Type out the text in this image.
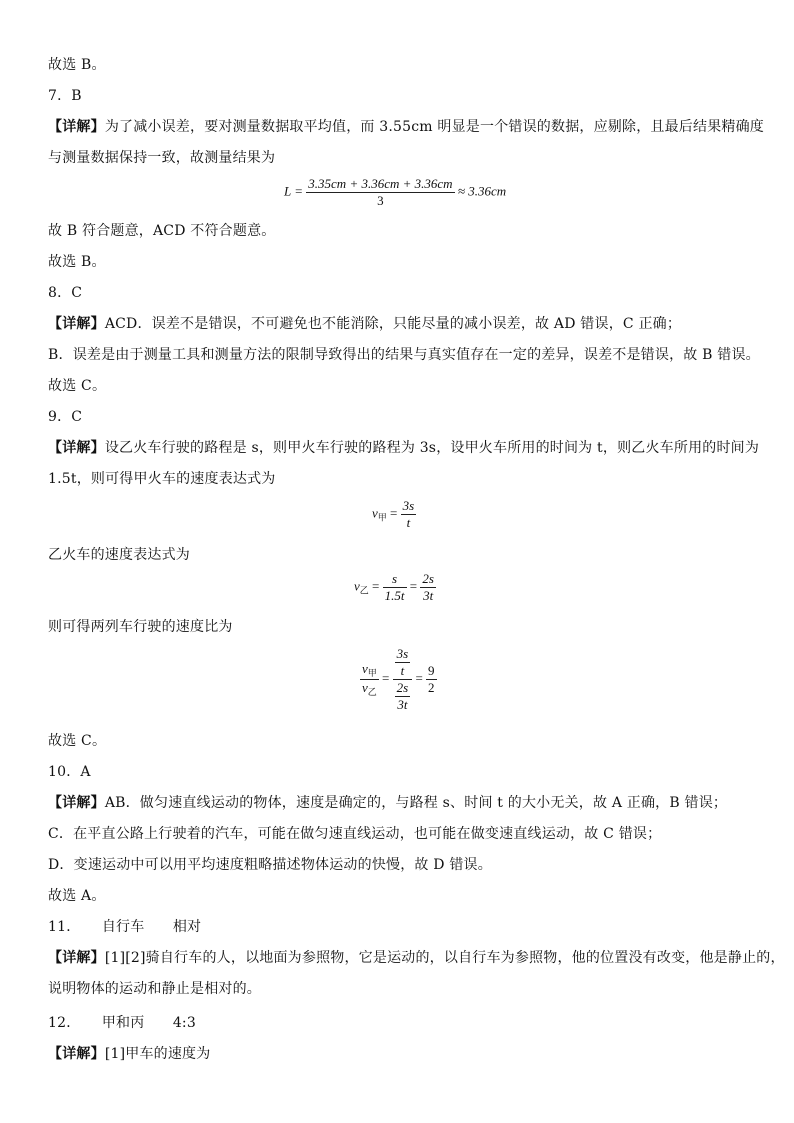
故选 B。
7．B
【详解】为了减小误差，要对测量数据取平均值，而 3.55cm 明显是一个错误的数据，应剔除，且最后结果精确度
与测量数据保持一致，故测量结果为
$L = \frac{3.35cm + 3.36cm + 3.36cm}{3} \approx 3.36cm$
故 B 符合题意，ACD 不符合题意。
故选 B。
8．C
【详解】ACD．误差不是错误，不可避免也不能消除，只能尽量的减小误差，故 AD 错误，C 正确；
B．误差是由于测量工具和测量方法的限制导致得出的结果与真实值存在一定的差异，误差不是错误，故 B 错误。
故选 C。
9．C
【详解】设乙火车行驶的路程是 s，则甲火车行驶的路程为 3s，设甲火车所用的时间为 t，则乙火车所用的时间为
1.5t，则可得甲火车的速度表达式为
$v_甲 = \frac{3s}{t}$
乙火车的速度表达式为
$v_乙 = \frac{s}{1.5t} = \frac{2s}{3t}$
则可得两列车行驶的速度比为
$\frac{v_甲}{v_乙} = \frac{\frac{3s}{t}}{\frac{2s}{3t}} = \frac{9}{2}$
故选 C。
10．A
【详解】AB．做匀速直线运动的物体，速度是确定的，与路程 s、时间 t 的大小无关，故 A 正确，B 错误；
C．在平直公路上行驶着的汽车，可能在做匀速直线运动，也可能在做变速直线运动，故 C 错误；
D．变速运动中可以用平均速度粗略描述物体运动的快慢，故 D 错误。
故选 A。
11．　　自行车　　相对
【详解】[1][2]骑自行车的人，以地面为参照物，它是运动的，以自行车为参照物，他的位置没有改变，他是静止的，
说明物体的运动和静止是相对的。
12．　　甲和丙　　4:3
【详解】[1]甲车的速度为
